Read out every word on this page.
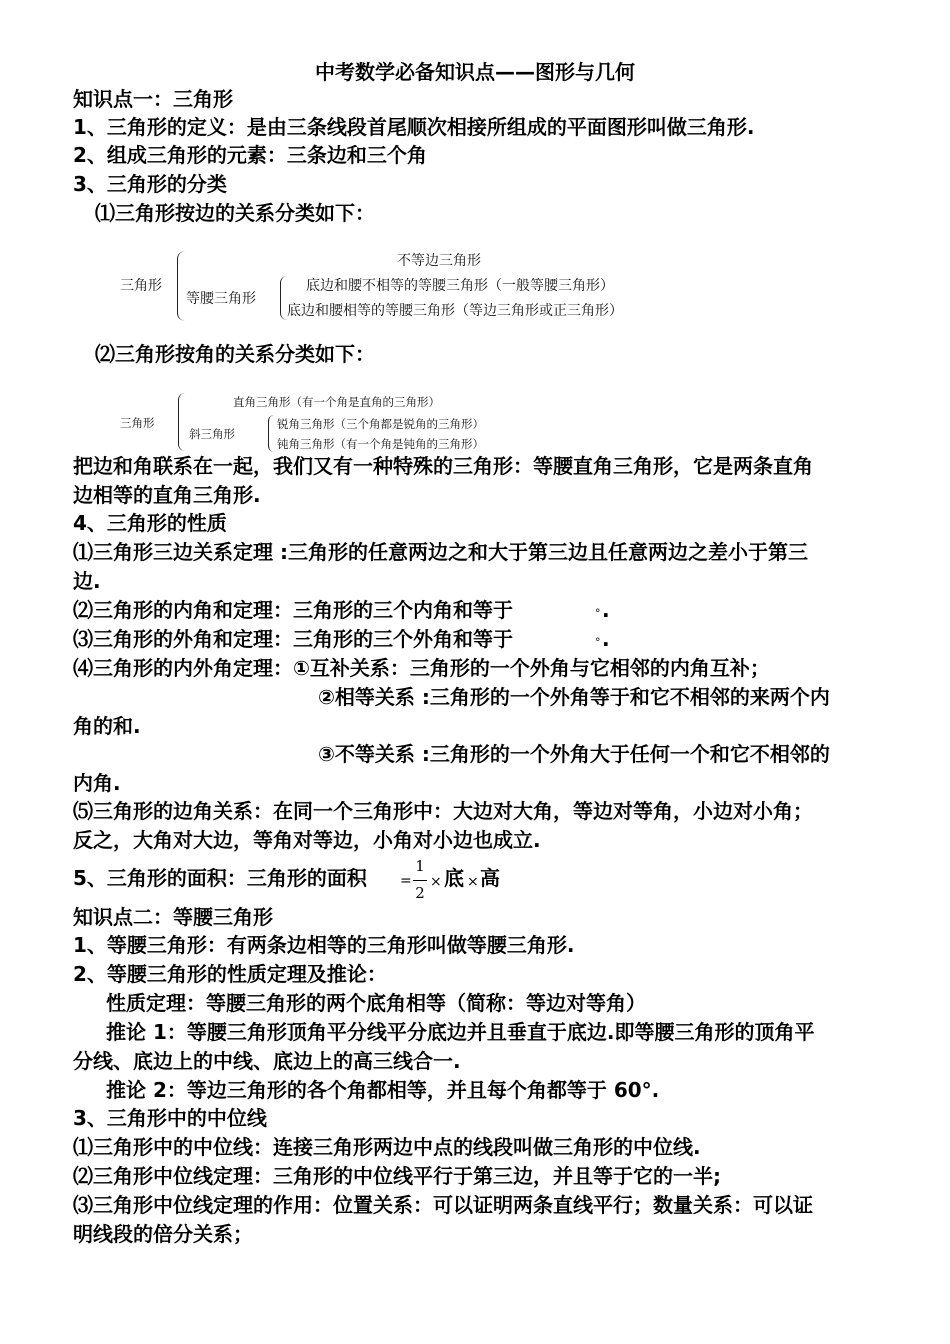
中考数学必备知识点——图形与几何
知识点一：三角形
1、三角形的定义：是由三条线段首尾顺次相接所组成的平面图形叫做三角形.
2、组成三角形的元素：三条边和三个角
3、三角形的分类
⑴三角形按边的关系分类如下：
三角形
不等边三角形
等腰三角形
底边和腰不相等的等腰三角形（一般等腰三角形）
底边和腰相等的等腰三角形（等边三角形或正三角形）
⑵三角形按角的关系分类如下：
三角形
直角三角形（有一个角是直角的三角形）
斜三角形
锐角三角形（三个角都是锐角的三角形）
钝角三角形（有一个角是钝角的三角形）
把边和角联系在一起，我们又有一种特殊的三角形：等腰直角三角形，它是两条直角
边相等的直角三角形.
4、三角形的性质
⑴三角形三边关系定理 :三角形的任意两边之和大于第三边且任意两边之差小于第三
边.
⑵三角形的内角和定理：三角形的三个内角和等于	° .
⑶三角形的外角和定理：三角形的三个外角和等于	° .
⑷三角形的内外角定理：①互补关系：三角形的一个外角与它相邻的内角互补；
②相等关系 :三角形的一个外角等于和它不相邻的来两个内
角的和.
③不等关系 :三角形的一个外角大于任何一个和它不相邻的
内角.
⑸三角形的边角关系：在同一个三角形中：大边对大角，等边对等角，小边对小角；
反之，大角对大边，等角对等边，小角对小边也成立.
5、三角形的面积：三角形的面积 =
1
2
× 底 × 高
知识点二：等腰三角形
1、等腰三角形：有两条边相等的三角形叫做等腰三角形.
2、等腰三角形的性质定理及推论：
性质定理：等腰三角形的两个底角相等（简称：等边对等角）
推论 1：等腰三角形顶角平分线平分底边并且垂直于底边.即等腰三角形的顶角平
分线、底边上的中线、底边上的高三线合一.
推论 2：等边三角形的各个角都相等，并且每个角都等于 60°.
3、三角形中的中位线
⑴三角形中的中位线：连接三角形两边中点的线段叫做三角形的中位线.
⑵三角形中位线定理：三角形的中位线平行于第三边，并且等于它的一半;
⑶三角形中位线定理的作用：位置关系：可以证明两条直线平行；数量关系：可以证
明线段的倍分关系；
